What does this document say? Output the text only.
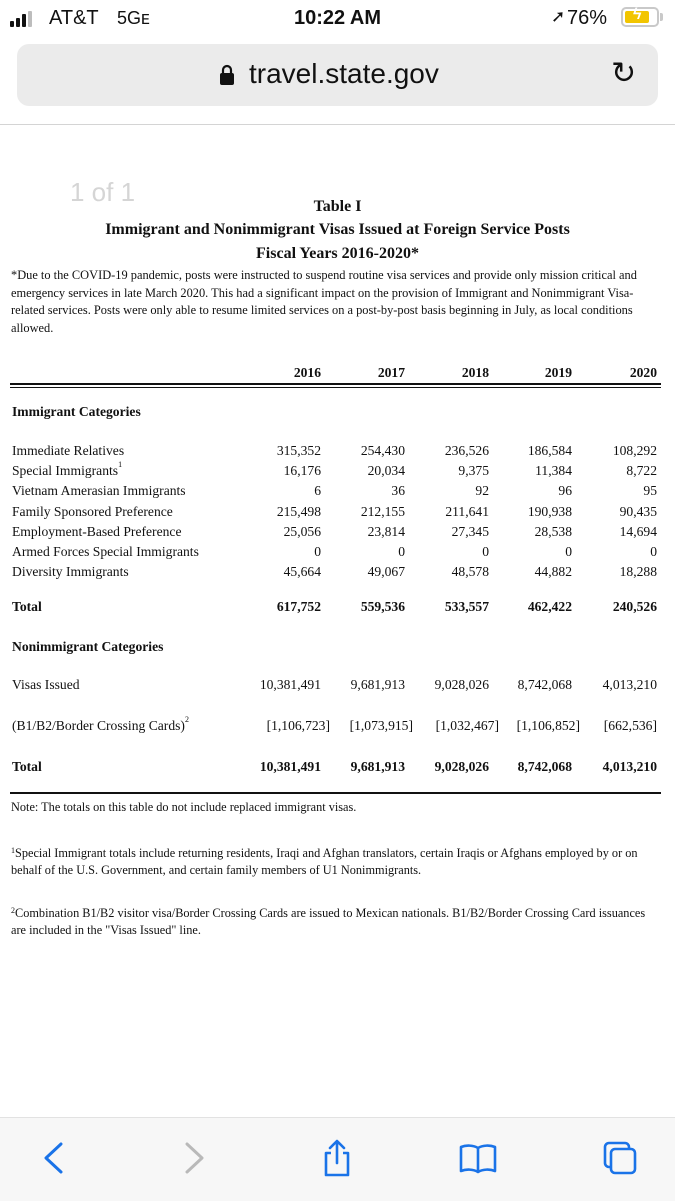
AT&T 5Gᴇ	10:22 AM	➚ 76% ϟ
travel.state.gov	↻
1 of 1	Table I
Immigrant and Nonimmigrant Visas Issued at Foreign Service Posts
Fiscal Years 2016-2020*
*Due to the COVID-19 pandemic, posts were instructed to suspend routine visa services and provide only mission critical and emergency services in late March 2020. This had a significant impact on the provision of Immigrant and Nonimmigrant Visa-related services. Posts were only able to resume limited services on a post-by-post basis beginning in July, as local conditions allowed.
2016	2017	2018	2019	2020
Immigrant Categories
Immediate Relatives	315,352	254,430	236,526	186,584	108,292
Special Immigrants$^1$	16,176	20,034	9,375	11,384	8,722
Vietnam Amerasian Immigrants	6	36	92	96	95
Family Sponsored Preference	215,498	212,155	211,641	190,938	90,435
Employment-Based Preference	25,056	23,814	27,345	28,538	14,694
Armed Forces Special Immigrants	0	0	0	0	0
Diversity Immigrants	45,664	49,067	48,578	44,882	18,288
Total	617,752	559,536	533,557	462,422	240,526
Nonimmigrant Categories
Visas Issued	10,381,491 9,681,913 9,028,026 8,742,068 4,013,210
(B1/B2/Border Crossing Cards)$^2$	[1,106,723] [1,073,915] [1,032,467] [1,106,852] [662,536]
Total	10,381,491 9,681,913 9,028,026 8,742,068 4,013,210
Note: The totals on this table do not include replaced immigrant visas.
$^1$Special Immigrant totals include returning residents, Iraqi and Afghan translators, certain Iraqis or Afghans employed by or on behalf of the U.S. Government, and certain family members of U1 Nonimmigrants.
$^2$Combination B1/B2 visitor visa/Border Crossing Cards are issued to Mexican nationals. B1/B2/Border Crossing Card issuances are included in the "Visas Issued" line.
